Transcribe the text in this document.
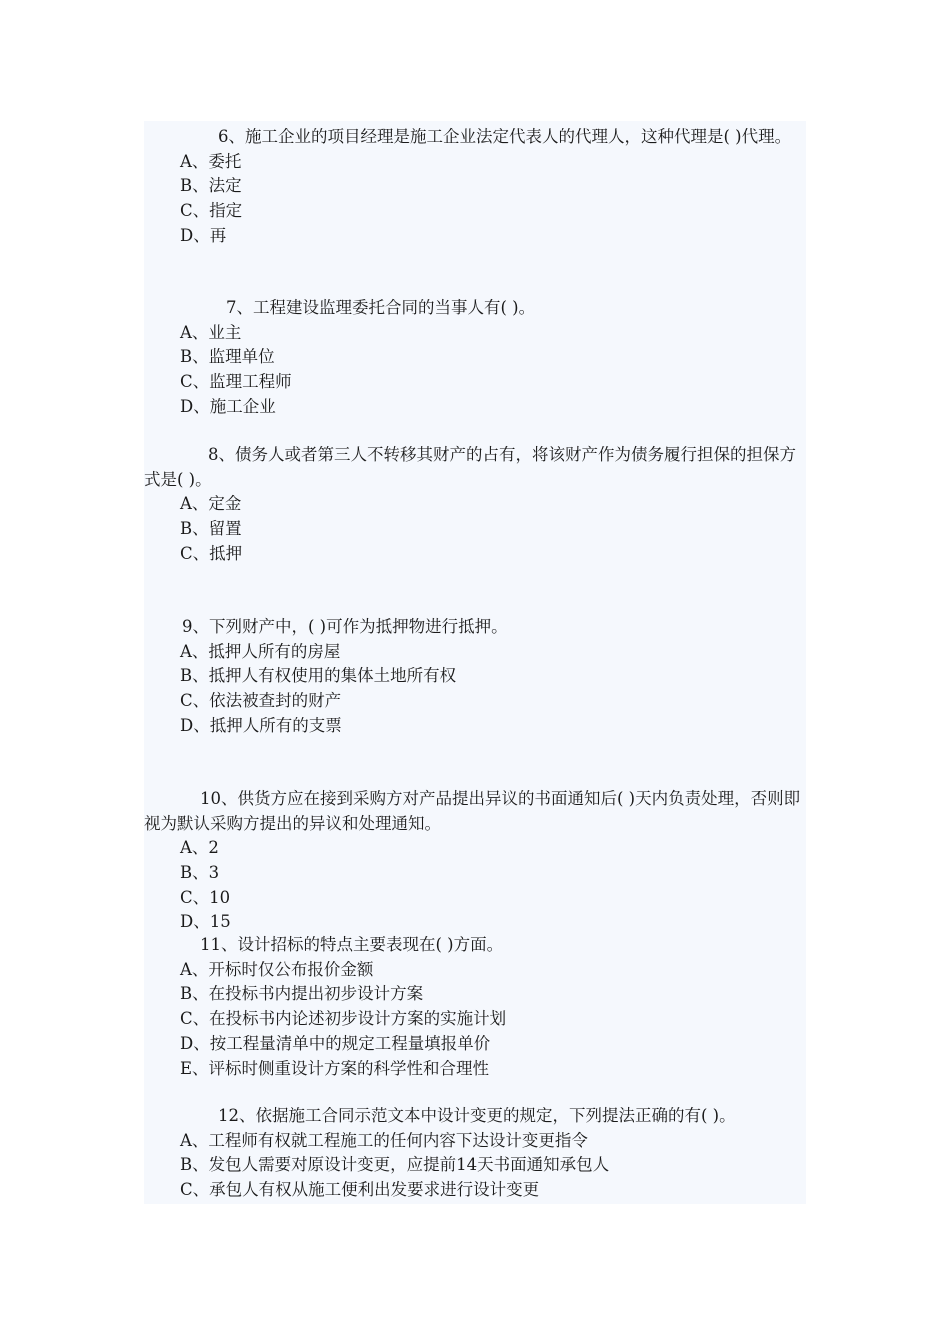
6、施工企业的项目经理是施工企业法定代表人的代理人，这种代理是( )代理。

A、委托

B、法定

C、指定

D、再

7、工程建设监理委托合同的当事人有( )。

A、业主

B、监理单位

C、监理工程师

D、施工企业

8、债务人或者第三人不转移其财产的占有，将该财产作为债务履行担保的担保方式是( )。

A、定金

B、留置

C、抵押

9、下列财产中，( )可作为抵押物进行抵押。

A、抵押人所有的房屋

B、抵押人有权使用的集体土地所有权

C、依法被查封的财产

D、抵押人所有的支票

10、供货方应在接到采购方对产品提出异议的书面通知后( )天内负责处理，否则即视为默认采购方提出的异议和处理通知。

A、2

B、3

C、10

D、15

11、设计招标的特点主要表现在( )方面。

A、开标时仅公布报价金额

B、在投标书内提出初步设计方案

C、在投标书内论述初步设计方案的实施计划

D、按工程量清单中的规定工程量填报单价

E、评标时侧重设计方案的科学性和合理性

12、依据施工合同示范文本中设计变更的规定，下列提法正确的有( )。

A、工程师有权就工程施工的任何内容下达设计变更指令

B、发包人需要对原设计变更，应提前14天书面通知承包人

C、承包人有权从施工便利出发要求进行设计变更
